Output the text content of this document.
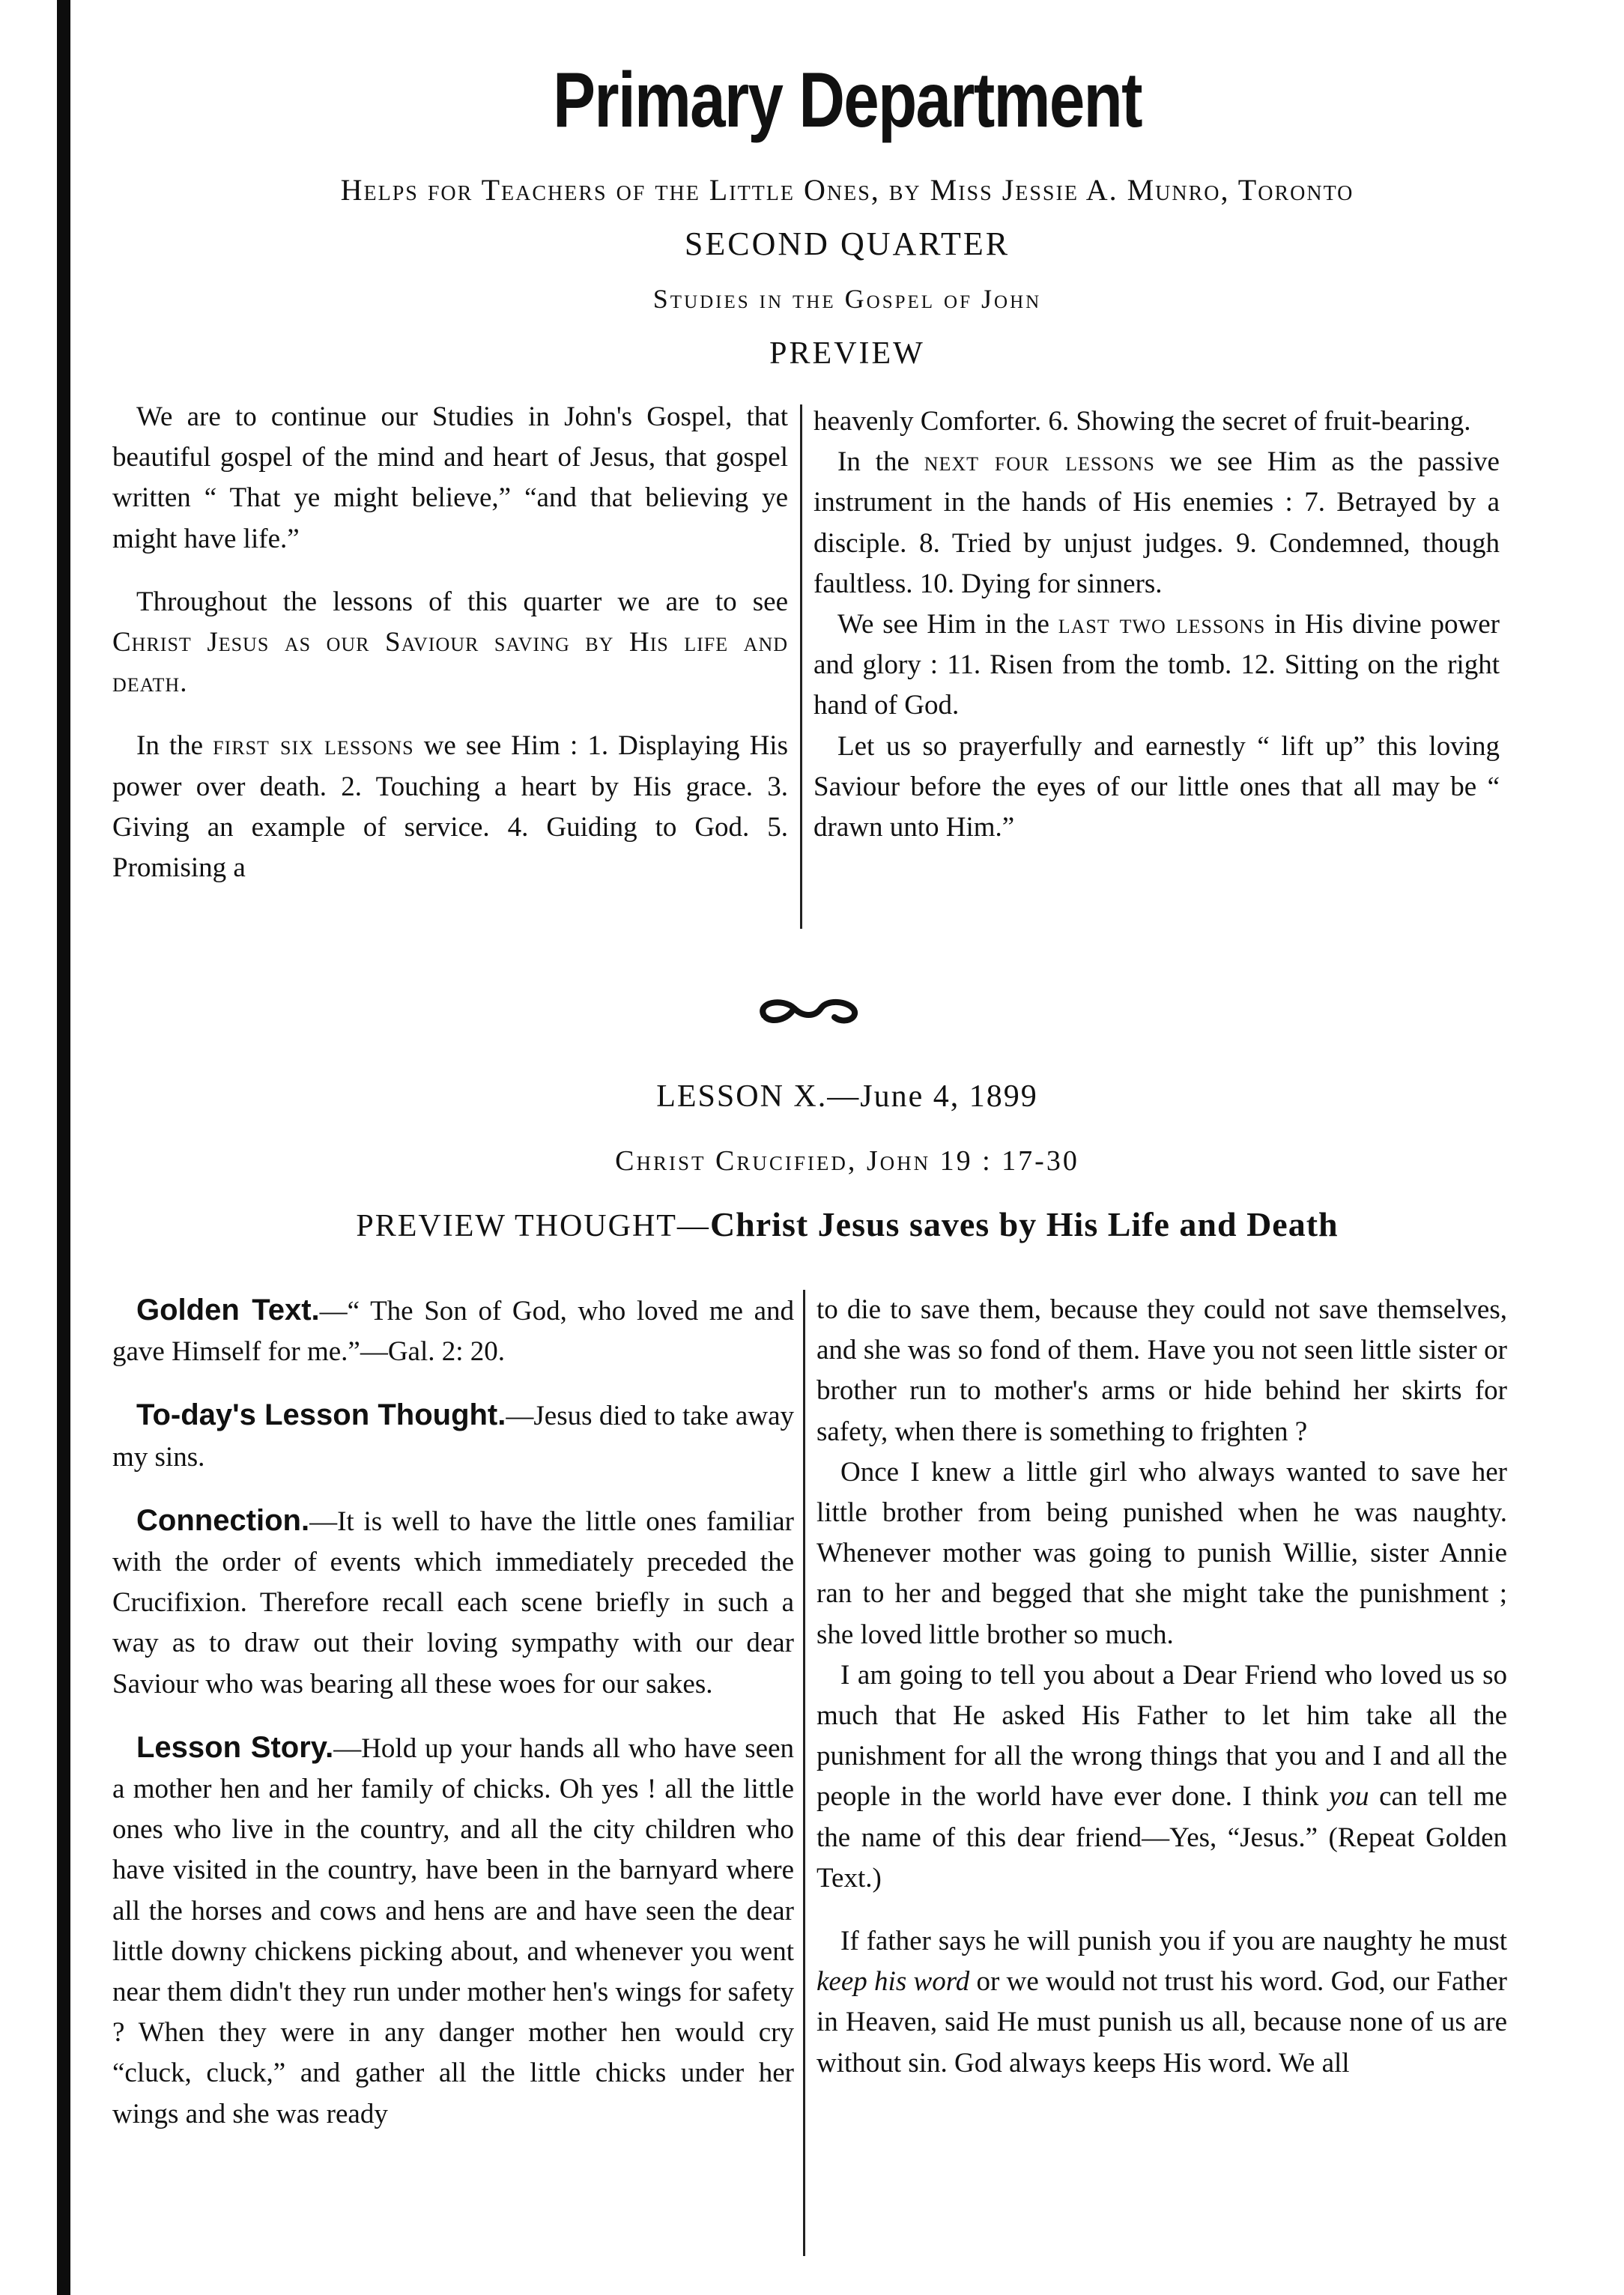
Primary Department
Helps for Teachers of the Little Ones, by Miss Jessie A. Munro, Toronto
SECOND QUARTER
Studies in the Gospel of John
PREVIEW

We are to continue our Studies in John's Gospel, that beautiful gospel of the mind and heart of Jesus, that gospel written “ That ye might believe,” “and that believing ye might have life.”

Throughout the lessons of this quarter we are to see Christ Jesus as our Saviour saving by His life and death.

In the first six lessons we see Him : 1. Displaying His power over death. 2. Touching a heart by His grace. 3. Giving an example of service. 4. Guiding to God. 5. Promising a

heavenly Comforter. 6. Showing the secret of fruit-bearing.

In the next four lessons we see Him as the passive instrument in the hands of His enemies : 7. Betrayed by a disciple. 8. Tried by unjust judges. 9. Condemned, though faultless. 10. Dying for sinners.

We see Him in the last two lessons in His divine power and glory : 11. Risen from the tomb. 12. Sitting on the right hand of God.

Let us so prayerfully and earnestly “ lift up” this loving Saviour before the eyes of our little ones that all may be “ drawn unto Him.”

LESSON X.—June 4, 1899
Christ Crucified, John 19 : 17-30
PREVIEW THOUGHT—Christ Jesus saves by His Life and Death

Golden Text.—“ The Son of God, who loved me and gave Himself for me.”—Gal. 2: 20.

To-day's Lesson Thought.—Jesus died to take away my sins.

Connection.—It is well to have the little ones familiar with the order of events which immediately preceded the Crucifixion. Therefore recall each scene briefly in such a way as to draw out their loving sympathy with our dear Saviour who was bearing all these woes for our sakes.

Lesson Story.—Hold up your hands all who have seen a mother hen and her family of chicks. Oh yes ! all the little ones who live in the country, and all the city children who have visited in the country, have been in the barnyard where all the horses and cows and hens are and have seen the dear little downy chickens picking about, and whenever you went near them didn't they run under mother hen's wings for safety ? When they were in any danger mother hen would cry “cluck, cluck,” and gather all the little chicks under her wings and she was ready

to die to save them, because they could not save themselves, and she was so fond of them. Have you not seen little sister or brother run to mother's arms or hide behind her skirts for safety, when there is something to frighten ?

Once I knew a little girl who always wanted to save her little brother from being punished when he was naughty. Whenever mother was going to punish Willie, sister Annie ran to her and begged that she might take the punishment ; she loved little brother so much.

I am going to tell you about a Dear Friend who loved us so much that He asked His Father to let him take all the punishment for all the wrong things that you and I and all the people in the world have ever done. I think you can tell me the name of this dear friend—Yes, “Jesus.” (Repeat Golden Text.)

If father says he will punish you if you are naughty he must keep his word or we would not trust his word. God, our Father in Heaven, said He must punish us all, because none of us are without sin. God always keeps His word. We all
